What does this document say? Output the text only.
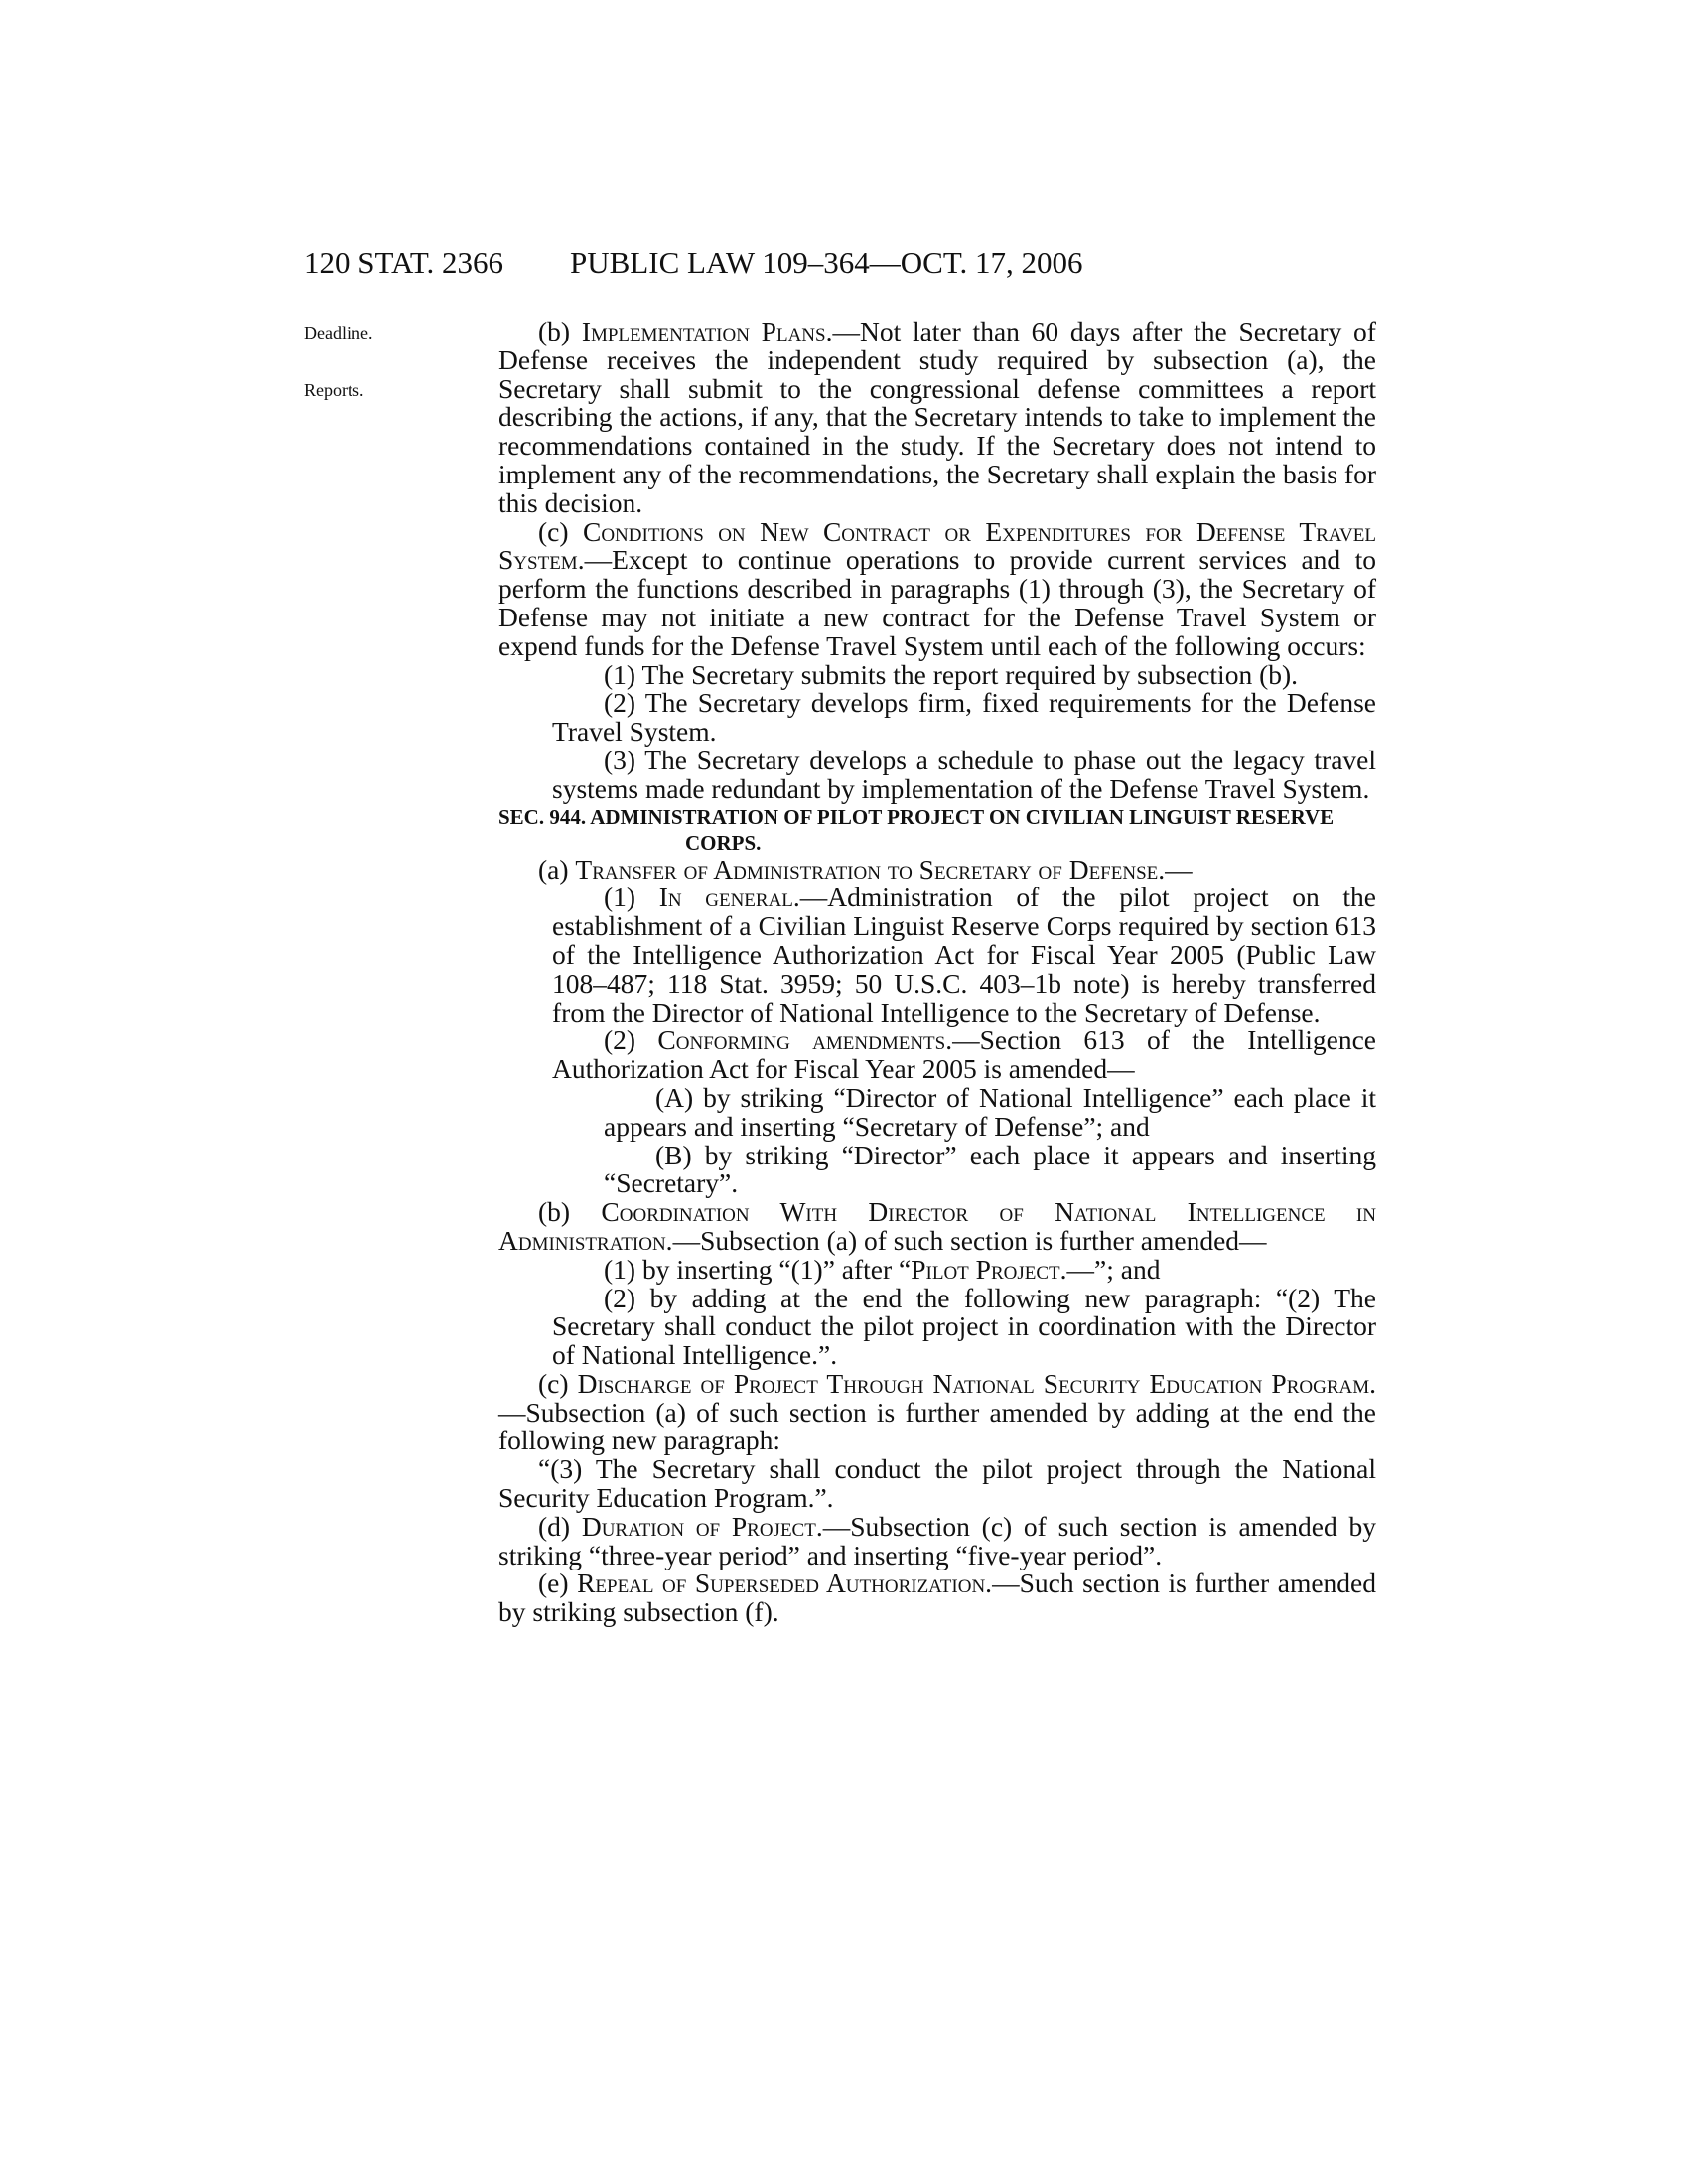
120 STAT. 2366 PUBLIC LAW 109–364—OCT. 17, 2006
Deadline.
Reports.

(b) Implementation Plans.—Not later than 60 days after the Secretary of Defense receives the independent study required by subsection (a), the Secretary shall submit to the congressional defense committees a report describing the actions, if any, that the Secretary intends to take to implement the recommendations contained in the study. If the Secretary does not intend to implement any of the recommendations, the Secretary shall explain the basis for this decision.

(c) Conditions on New Contract or Expenditures for Defense Travel System.—Except to continue operations to provide current services and to perform the functions described in paragraphs (1) through (3), the Secretary of Defense may not initiate a new contract for the Defense Travel System or expend funds for the Defense Travel System until each of the following occurs:

(1) The Secretary submits the report required by subsection (b).

(2) The Secretary develops firm, fixed requirements for the Defense Travel System.

(3) The Secretary develops a schedule to phase out the legacy travel systems made redundant by implementation of the Defense Travel System.

SEC. 944. ADMINISTRATION OF PILOT PROJECT ON CIVILIAN LINGUIST RESERVE CORPS.

(a) Transfer of Administration to Secretary of Defense.—

(1) In general.—Administration of the pilot project on the establishment of a Civilian Linguist Reserve Corps required by section 613 of the Intelligence Authorization Act for Fiscal Year 2005 (Public Law 108–487; 118 Stat. 3959; 50 U.S.C. 403–1b note) is hereby transferred from the Director of National Intelligence to the Secretary of Defense.

(2) Conforming amendments.—Section 613 of the Intelligence Authorization Act for Fiscal Year 2005 is amended—

(A) by striking “Director of National Intelligence” each place it appears and inserting “Secretary of Defense”; and

(B) by striking “Director” each place it appears and inserting “Secretary”.

(b) Coordination With Director of National Intelligence in Administration.—Subsection (a) of such section is further amended—

(1) by inserting “(1)” after “Pilot Project.—”; and

(2) by adding at the end the following new paragraph: “(2) The Secretary shall conduct the pilot project in coordination with the Director of National Intelligence.”.

(c) Discharge of Project Through National Security Education Program.—Subsection (a) of such section is further amended by adding at the end the following new paragraph:

“(3) The Secretary shall conduct the pilot project through the National Security Education Program.”.

(d) Duration of Project.—Subsection (c) of such section is amended by striking “three-year period” and inserting “five-year period”.

(e) Repeal of Superseded Authorization.—Such section is further amended by striking subsection (f).
